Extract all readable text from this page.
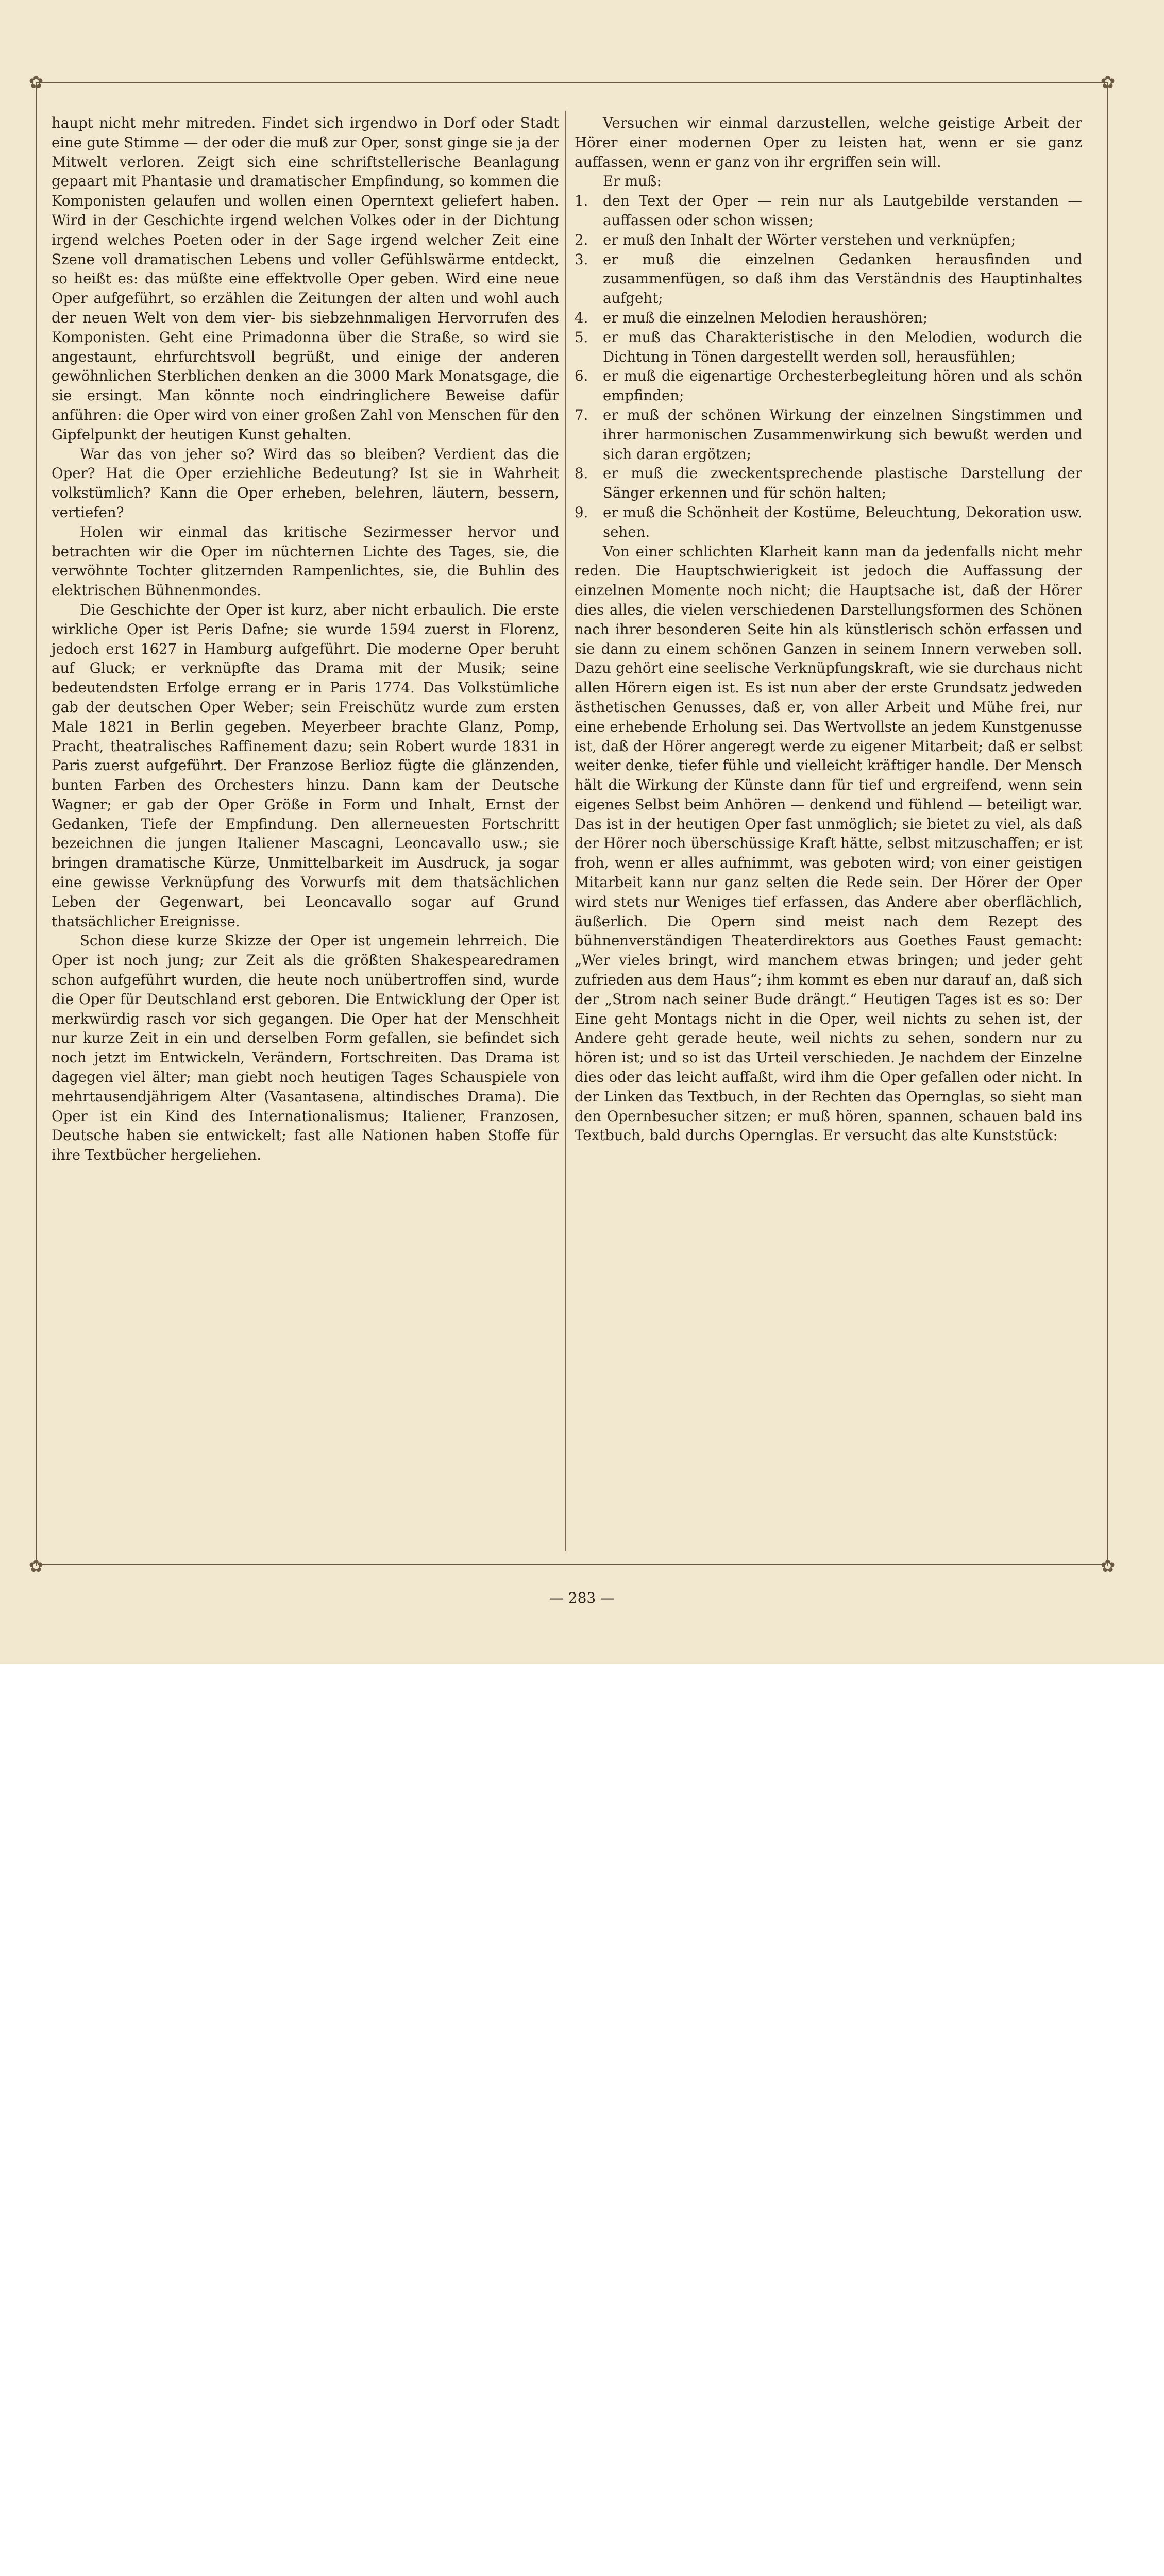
✿	✿
✿	✿

haupt nicht mehr mitreden. Findet sich irgendwo in Dorf oder Stadt eine gute Stimme — der oder die muß zur Oper, sonst ginge sie ja der Mitwelt verloren. Zeigt sich eine schriftstellerische Beanlagung gepaart mit Phantasie und dramatischer Empfindung, so kommen die Komponisten gelaufen und wollen einen Operntext geliefert haben. Wird in der Geschichte irgend welchen Volkes oder in der Dichtung irgend welches Poeten oder in der Sage irgend welcher Zeit eine Szene voll dramatischen Lebens und voller Gefühlswärme entdeckt, so heißt es: das müßte eine effektvolle Oper geben. Wird eine neue Oper aufgeführt, so erzählen die Zeitungen der alten und wohl auch der neuen Welt von dem vier- bis siebzehnmaligen Hervorrufen des Komponisten. Geht eine Primadonna über die Straße, so wird sie angestaunt, ehrfurchtsvoll begrüßt, und einige der anderen gewöhnlichen Sterblichen denken an die 3000 Mark Monatsgage, die sie ersingt. Man könnte noch eindringlichere Beweise dafür anführen: die Oper wird von einer großen Zahl von Menschen für den Gipfelpunkt der heutigen Kunst gehalten.

War das von jeher so? Wird das so bleiben? Verdient das die Oper? Hat die Oper erziehliche Bedeutung? Ist sie in Wahrheit volkstümlich? Kann die Oper erheben, belehren, läutern, bessern, vertiefen?

Holen wir einmal das kritische Sezirmesser hervor und betrachten wir die Oper im nüchternen Lichte des Tages, sie, die verwöhnte Tochter glitzernden Rampenlichtes, sie, die Buhlin des elektrischen Bühnenmondes.

Die Geschichte der Oper ist kurz, aber nicht erbaulich. Die erste wirkliche Oper ist Peris Dafne; sie wurde 1594 zuerst in Florenz, jedoch erst 1627 in Hamburg aufgeführt. Die moderne Oper beruht auf Gluck; er verknüpfte das Drama mit der Musik; seine bedeutendsten Erfolge errang er in Paris 1774. Das Volkstümliche gab der deutschen Oper Weber; sein Freischütz wurde zum ersten Male 1821 in Berlin gegeben. Meyerbeer brachte Glanz, Pomp, Pracht, theatralisches Raffinement dazu; sein Robert wurde 1831 in Paris zuerst aufgeführt. Der Franzose Berlioz fügte die glänzenden, bunten Farben des Orchesters hinzu. Dann kam der Deutsche Wagner; er gab der Oper Größe in Form und Inhalt, Ernst der Gedanken, Tiefe der Empfindung. Den allerneuesten Fortschritt bezeichnen die jungen Italiener Mascagni, Leoncavallo usw.; sie bringen dramatische Kürze, Unmittelbarkeit im Ausdruck, ja sogar eine gewisse Verknüpfung des Vorwurfs mit dem thatsächlichen Leben der Gegenwart, bei Leoncavallo sogar auf Grund thatsächlicher Ereignisse.

Schon diese kurze Skizze der Oper ist ungemein lehrreich. Die Oper ist noch jung; zur Zeit als die größten Shakespearedramen schon aufgeführt wurden, die heute noch unübertroffen sind, wurde die Oper für Deutschland erst geboren. Die Entwicklung der Oper ist merkwürdig rasch vor sich gegangen. Die Oper hat der Menschheit nur kurze Zeit in ein und derselben Form gefallen, sie befindet sich noch jetzt im Entwickeln, Verändern, Fortschreiten. Das Drama ist dagegen viel älter; man giebt noch heutigen Tages Schauspiele von mehrtausendjährigem Alter (Vasantasena, altindisches Drama). Die Oper ist ein Kind des Internationalismus; Italiener, Franzosen, Deutsche haben sie entwickelt; fast alle Nationen haben Stoffe für ihre Textbücher hergeliehen.

Versuchen wir einmal darzustellen, welche geistige Arbeit der Hörer einer modernen Oper zu leisten hat, wenn er sie ganz auffassen, wenn er ganz von ihr ergriffen sein will.

Er muß:

1.	den Text der Oper — rein nur als Lautgebilde verstanden — auffassen oder schon wissen;
2.	er muß den Inhalt der Wörter verstehen und verknüpfen;
3.	er muß die einzelnen Gedanken herausfinden und zusammenfügen, so daß ihm das Verständnis des Hauptinhaltes aufgeht;
4.	er muß die einzelnen Melodien heraushören;
5.	er muß das Charakteristische in den Melodien, wodurch die Dichtung in Tönen dargestellt werden soll, herausfühlen;
6.	er muß die eigenartige Orchesterbegleitung hören und als schön empfinden;
7.	er muß der schönen Wirkung der einzelnen Singstimmen und ihrer harmonischen Zusammenwirkung sich bewußt werden und sich daran ergötzen;
8.	er muß die zweckentsprechende plastische Darstellung der Sänger erkennen und für schön halten;
9.	er muß die Schönheit der Kostüme, Beleuchtung, Dekoration usw. sehen.

Von einer schlichten Klarheit kann man da jedenfalls nicht mehr reden. Die Hauptschwierigkeit ist jedoch die Auffassung der einzelnen Momente noch nicht; die Hauptsache ist, daß der Hörer dies alles, die vielen verschiedenen Darstellungsformen des Schönen nach ihrer besonderen Seite hin als künstlerisch schön erfassen und sie dann zu einem schönen Ganzen in seinem Innern verweben soll. Dazu gehört eine seelische Verknüpfungskraft, wie sie durchaus nicht allen Hörern eigen ist. Es ist nun aber der erste Grundsatz jedweden ästhetischen Genusses, daß er, von aller Arbeit und Mühe frei, nur eine erhebende Erholung sei. Das Wertvollste an jedem Kunstgenusse ist, daß der Hörer angeregt werde zu eigener Mitarbeit; daß er selbst weiter denke, tiefer fühle und vielleicht kräftiger handle. Der Mensch hält die Wirkung der Künste dann für tief und ergreifend, wenn sein eigenes Selbst beim Anhören — denkend und fühlend — beteiligt war. Das ist in der heutigen Oper fast unmöglich; sie bietet zu viel, als daß der Hörer noch überschüssige Kraft hätte, selbst mitzuschaffen; er ist froh, wenn er alles aufnimmt, was geboten wird; von einer geistigen Mitarbeit kann nur ganz selten die Rede sein. Der Hörer der Oper wird stets nur Weniges tief erfassen, das Andere aber oberflächlich, äußerlich. Die Opern sind meist nach dem Rezept des bühnenverständigen Theaterdirektors aus Goethes Faust gemacht: „Wer vieles bringt, wird manchem etwas bringen; und jeder geht zufrieden aus dem Haus“; ihm kommt es eben nur darauf an, daß sich der „Strom nach seiner Bude drängt.“ Heutigen Tages ist es so: Der Eine geht Montags nicht in die Oper, weil nichts zu sehen ist, der Andere geht gerade heute, weil nichts zu sehen, sondern nur zu hören ist; und so ist das Urteil verschieden. Je nachdem der Einzelne dies oder das leicht auffaßt, wird ihm die Oper gefallen oder nicht. In der Linken das Textbuch, in der Rechten das Opernglas, so sieht man den Opernbesucher sitzen; er muß hören, spannen, schauen bald ins Textbuch, bald durchs Opernglas. Er versucht das alte Kunststück:

— 283 —
